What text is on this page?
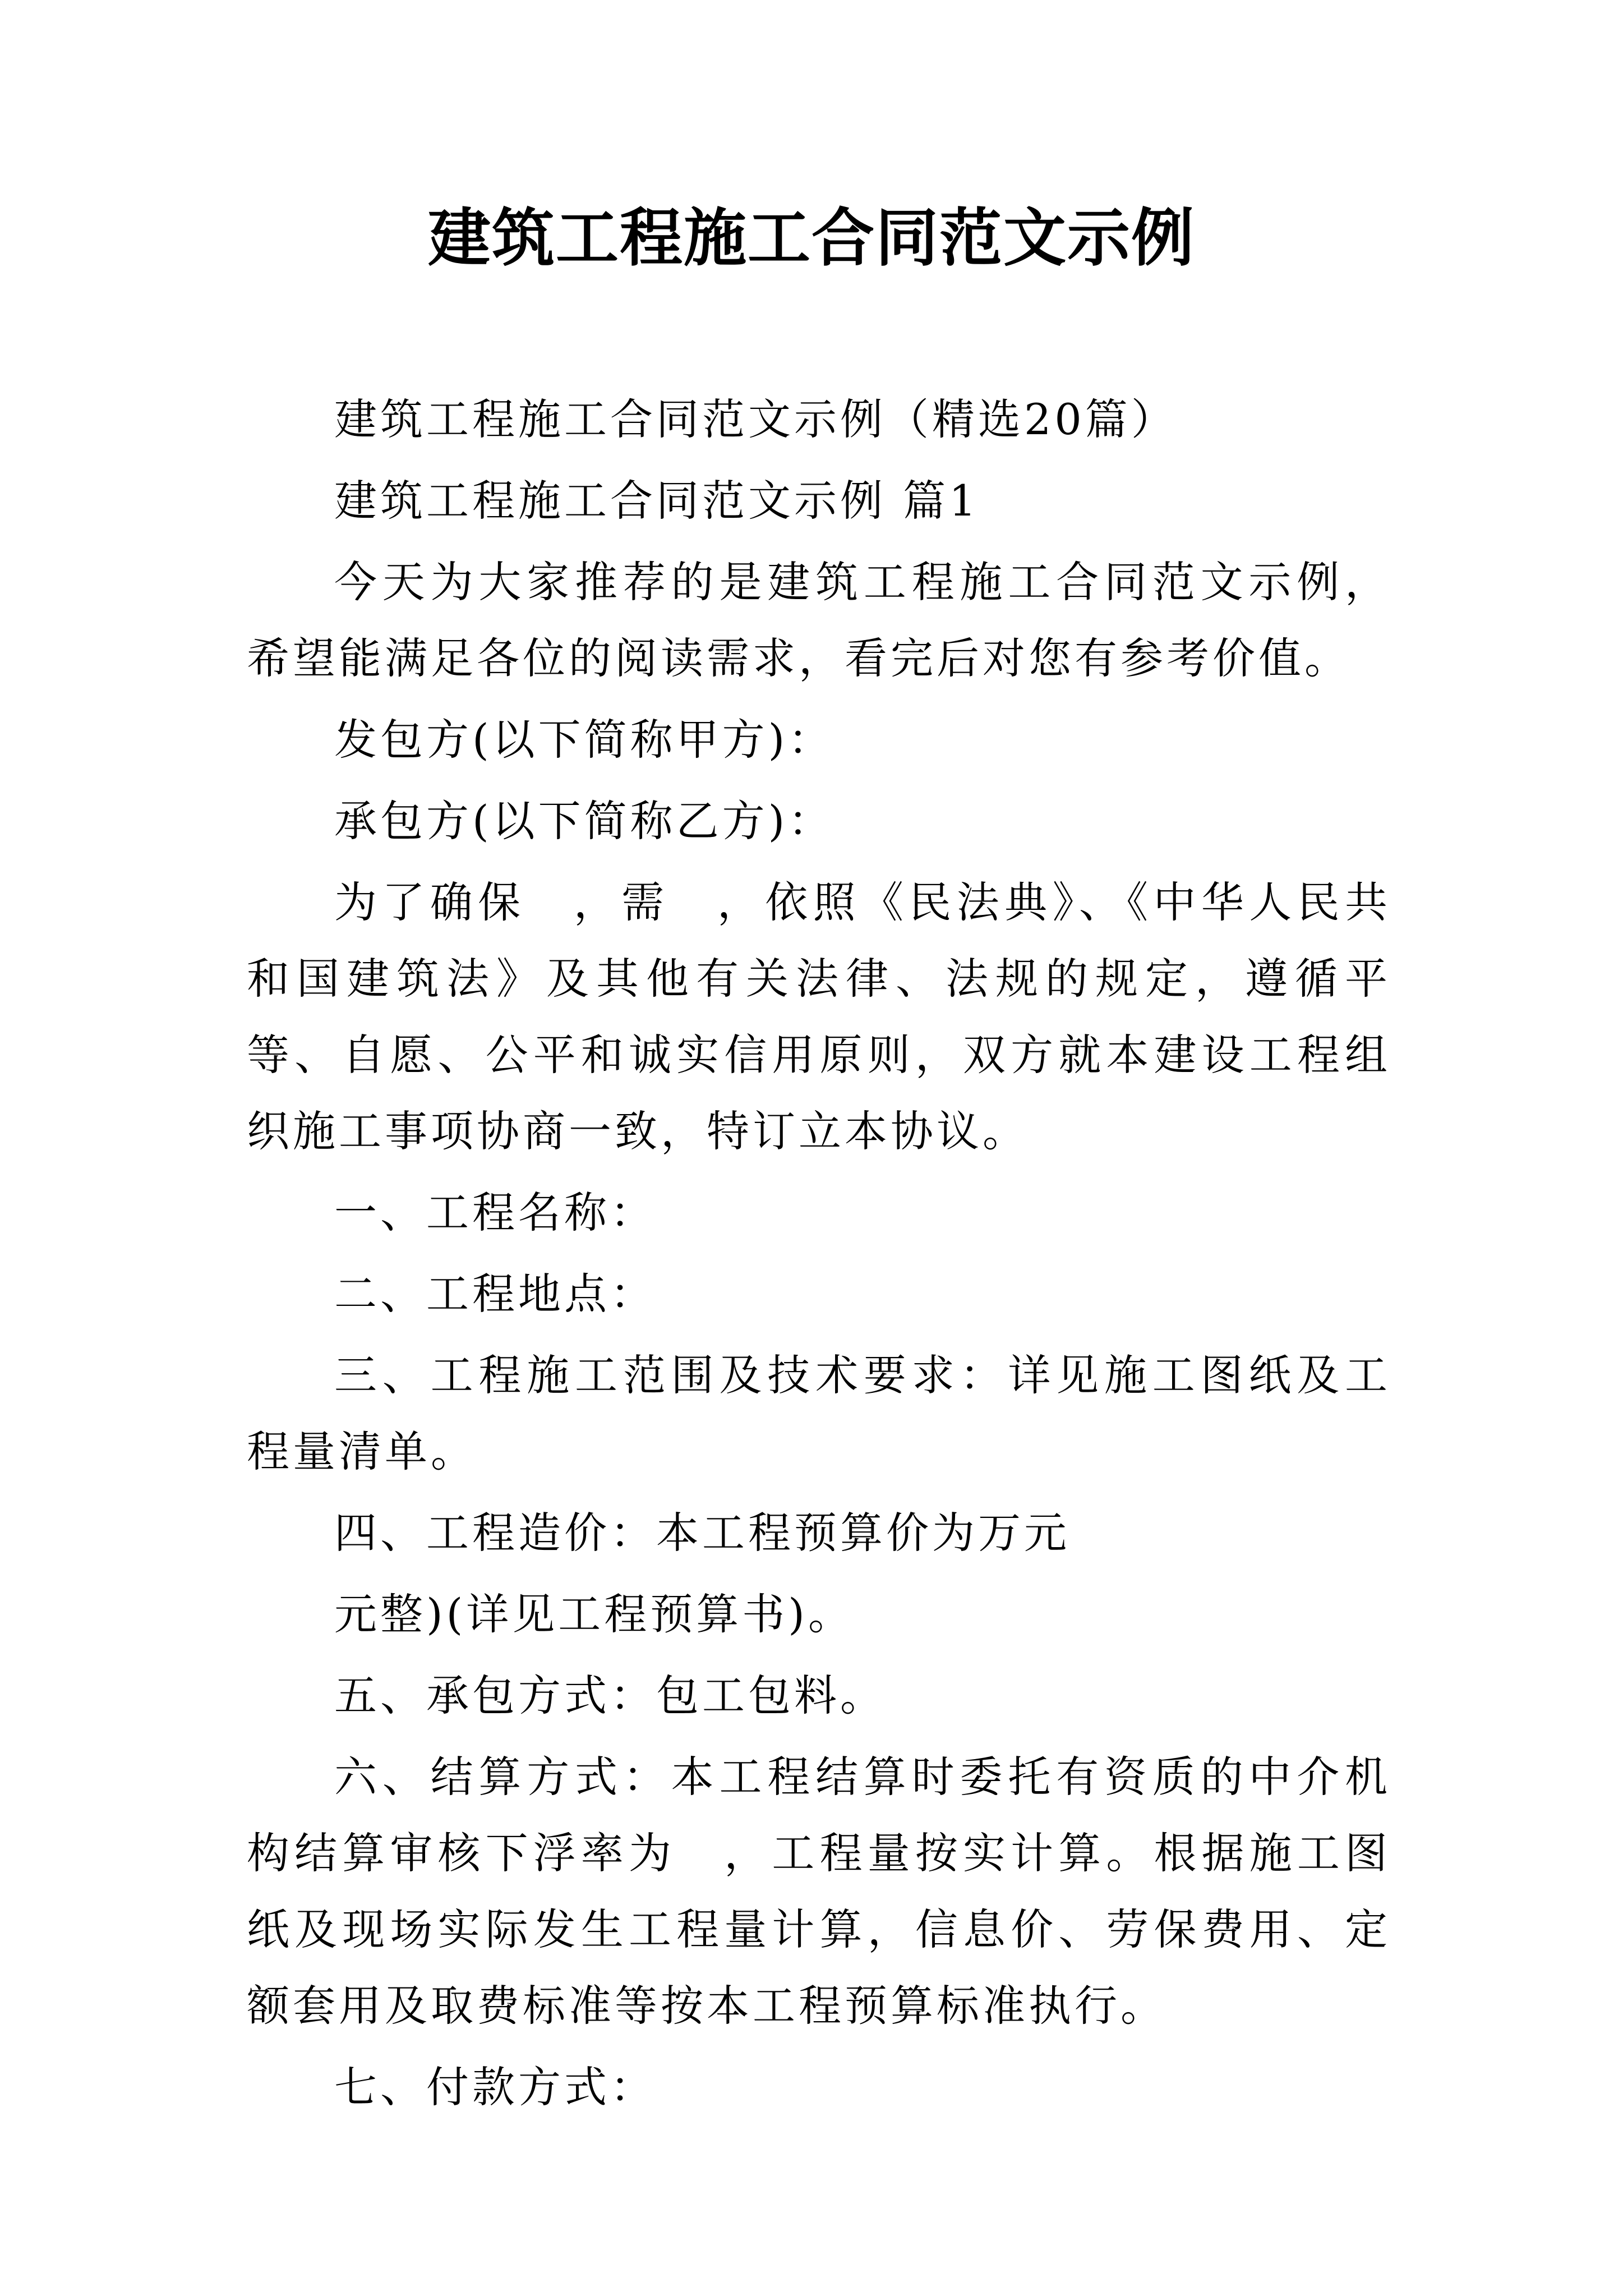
建筑工程施工合同范文示例

建筑工程施工合同范文示例（精选20篇）

建筑工程施工合同范文示例 篇1

今天为大家推荐的是建筑工程施工合同范文示例，希望能满足各位的阅读需求，看完后对您有参考价值。

发包方(以下简称甲方)：

承包方(以下简称乙方)：

为了确保　，需　，依照《民法典》、《中华人民共和国建筑法》及其他有关法律、法规的规定，遵循平等、自愿、公平和诚实信用原则，双方就本建设工程组织施工事项协商一致，特订立本协议。

一、工程名称：

二、工程地点：

三、工程施工范围及技术要求：详见施工图纸及工程量清单。

四、工程造价：本工程预算价为万元

元整)(详见工程预算书)。

五、承包方式：包工包料。

六、结算方式：本工程结算时委托有资质的中介机构结算审核下浮率为　，工程量按实计算。根据施工图纸及现场实际发生工程量计算，信息价、劳保费用、定额套用及取费标准等按本工程预算标准执行。

七、付款方式：
